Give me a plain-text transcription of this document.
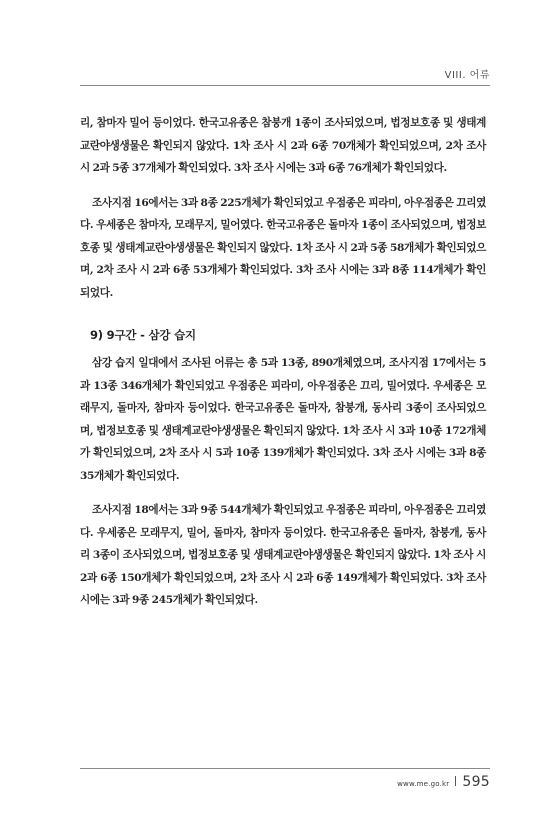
VIII. 어류

리, 참마자 밀어 등이었다. 한국고유종은 참붕개 1종이 조사되었으며, 법정보호종 및 생태계교란야생생물은 확인되지 않았다. 1차 조사 시 2과 6종 70개체가 확인되었으며, 2차 조사 시 2과 5종 37개체가 확인되었다. 3차 조사 시에는 3과 6종 76개체가 확인되었다.

조사지점 16에서는 3과 8종 225개체가 확인되었고 우점종은 피라미, 아우점종은 끄리였다. 우세종은 참마자, 모래무지, 밀어였다. 한국고유종은 돌마자 1종이 조사되었으며, 법정보호종 및 생태계교란야생생물은 확인되지 않았다. 1차 조사 시 2과 5종 58개체가 확인되었으며, 2차 조사 시 2과 6종 53개체가 확인되었다. 3차 조사 시에는 3과 8종 114개체가 확인되었다.

9) 9구간 - 삼강 습지

삼강 습지 일대에서 조사된 어류는 총 5과 13종, 890개체였으며, 조사지점 17에서는 5과 13종 346개체가 확인되었고 우점종은 피라미, 아우점종은 끄리, 밀어였다. 우세종은 모래무지, 돌마자, 참마자 등이었다. 한국고유종은 돌마자, 참붕개, 동사리 3종이 조사되었으며, 법정보호종 및 생태계교란야생생물은 확인되지 않았다. 1차 조사 시 3과 10종 172개체가 확인되었으며, 2차 조사 시 5과 10종 139개체가 확인되었다. 3차 조사 시에는 3과 8종 35개체가 확인되었다.

조사지점 18에서는 3과 9종 544개체가 확인되었고 우점종은 피라미, 아우점종은 끄리였다. 우세종은 모래무지, 밀어, 돌마자, 참마자 등이었다. 한국고유종은 돌마자, 참붕개, 동사리 3종이 조사되었으며, 법정보호종 및 생태계교란야생생물은 확인되지 않았다. 1차 조사 시 2과 6종 150개체가 확인되었으며, 2차 조사 시 2과 6종 149개체가 확인되었다. 3차 조사 시에는 3과 9종 245개체가 확인되었다.

www.me.go.kr 595
